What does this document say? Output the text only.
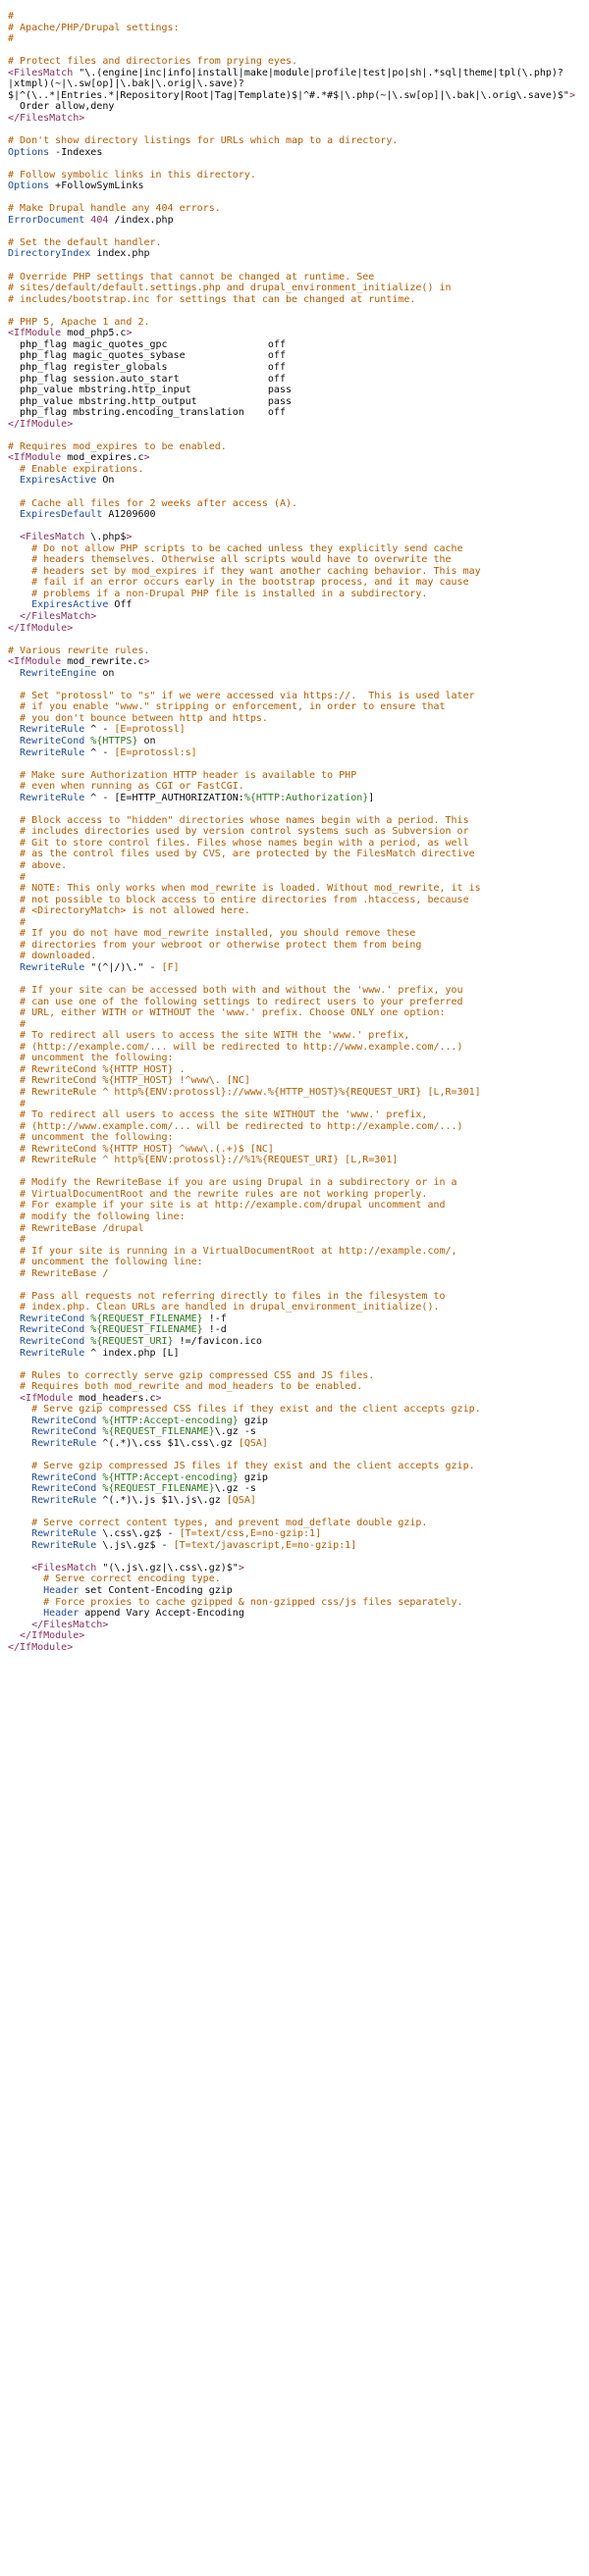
#
# Apache/PHP/Drupal settings:
#
# Protect files and directories from prying eyes.
<FilesMatch "\.(engine|inc|info|install|make|module|profile|test|po|sh|.*sql|theme|tpl(\.php)?
|xtmpl)(~|\.sw[op]|\.bak|\.orig|\.save)?
$|^(\..*|Entries.*|Repository|Root|Tag|Template)$|^#.*#$|\.php(~|\.sw[op]|\.bak|\.orig\.save)$">
Order allow,deny
</FilesMatch>
# Don't show directory listings for URLs which map to a directory.
Options -Indexes
# Follow symbolic links in this directory.
Options +FollowSymLinks
# Make Drupal handle any 404 errors.
ErrorDocument 404 /index.php
# Set the default handler.
DirectoryIndex index.php
# Override PHP settings that cannot be changed at runtime. See
# sites/default/default.settings.php and drupal_environment_initialize() in
# includes/bootstrap.inc for settings that can be changed at runtime.
# PHP 5, Apache 1 and 2.
<IfModule mod_php5.c>
php_flag magic_quotes_gpc                 off
php_flag magic_quotes_sybase              off
php_flag register_globals                 off
php_flag session.auto_start               off
php_value mbstring.http_input             pass
php_value mbstring.http_output            pass
php_flag mbstring.encoding_translation    off
</IfModule>
# Requires mod_expires to be enabled.
<IfModule mod_expires.c>
# Enable expirations.
ExpiresActive On
# Cache all files for 2 weeks after access (A).
ExpiresDefault A1209600
<FilesMatch \.php$>
# Do not allow PHP scripts to be cached unless they explicitly send cache
# headers themselves. Otherwise all scripts would have to overwrite the
# headers set by mod_expires if they want another caching behavior. This may
# fail if an error occurs early in the bootstrap process, and it may cause
# problems if a non-Drupal PHP file is installed in a subdirectory.
ExpiresActive Off
</FilesMatch>
</IfModule>
# Various rewrite rules.
<IfModule mod_rewrite.c>
RewriteEngine on
# Set "protossl" to "s" if we were accessed via https://.  This is used later
# if you enable "www." stripping or enforcement, in order to ensure that
# you don't bounce between http and https.
RewriteRule ^ - [E=protossl]
RewriteCond %{HTTPS} on
RewriteRule ^ - [E=protossl:s]
# Make sure Authorization HTTP header is available to PHP
# even when running as CGI or FastCGI.
RewriteRule ^ - [E=HTTP_AUTHORIZATION:%{HTTP:Authorization}]
# Block access to "hidden" directories whose names begin with a period. This
# includes directories used by version control systems such as Subversion or
# Git to store control files. Files whose names begin with a period, as well
# as the control files used by CVS, are protected by the FilesMatch directive
# above.
#
# NOTE: This only works when mod_rewrite is loaded. Without mod_rewrite, it is
# not possible to block access to entire directories from .htaccess, because
# <DirectoryMatch> is not allowed here.
#
# If you do not have mod_rewrite installed, you should remove these
# directories from your webroot or otherwise protect them from being
# downloaded.
RewriteRule "(^|/)\." - [F]
# If your site can be accessed both with and without the 'www.' prefix, you
# can use one of the following settings to redirect users to your preferred
# URL, either WITH or WITHOUT the 'www.' prefix. Choose ONLY one option:
#
# To redirect all users to access the site WITH the 'www.' prefix,
# (http://example.com/... will be redirected to http://www.example.com/...)
# uncomment the following:
# RewriteCond %{HTTP_HOST} .
# RewriteCond %{HTTP_HOST} !^www\. [NC]
# RewriteRule ^ http%{ENV:protossl}://www.%{HTTP_HOST}%{REQUEST_URI} [L,R=301]
#
# To redirect all users to access the site WITHOUT the 'www.' prefix,
# (http://www.example.com/... will be redirected to http://example.com/...)
# uncomment the following:
# RewriteCond %{HTTP_HOST} ^www\.(.+)$ [NC]
# RewriteRule ^ http%{ENV:protossl}://%1%{REQUEST_URI} [L,R=301]
# Modify the RewriteBase if you are using Drupal in a subdirectory or in a
# VirtualDocumentRoot and the rewrite rules are not working properly.
# For example if your site is at http://example.com/drupal uncomment and
# modify the following line:
# RewriteBase /drupal
#
# If your site is running in a VirtualDocumentRoot at http://example.com/,
# uncomment the following line:
# RewriteBase /
# Pass all requests not referring directly to files in the filesystem to
# index.php. Clean URLs are handled in drupal_environment_initialize().
RewriteCond %{REQUEST_FILENAME} !-f
RewriteCond %{REQUEST_FILENAME} !-d
RewriteCond %{REQUEST_URI} !=/favicon.ico
RewriteRule ^ index.php [L]
# Rules to correctly serve gzip compressed CSS and JS files.
# Requires both mod_rewrite and mod_headers to be enabled.
<IfModule mod_headers.c>
# Serve gzip compressed CSS files if they exist and the client accepts gzip.
RewriteCond %{HTTP:Accept-encoding} gzip
RewriteCond %{REQUEST_FILENAME}\.gz -s
RewriteRule ^(.*)\.css $1\.css\.gz [QSA]
# Serve gzip compressed JS files if they exist and the client accepts gzip.
RewriteCond %{HTTP:Accept-encoding} gzip
RewriteCond %{REQUEST_FILENAME}\.gz -s
RewriteRule ^(.*)\.js $1\.js\.gz [QSA]
# Serve correct content types, and prevent mod_deflate double gzip.
RewriteRule \.css\.gz$ - [T=text/css,E=no-gzip:1]
RewriteRule \.js\.gz$ - [T=text/javascript,E=no-gzip:1]
<FilesMatch "(\.js\.gz|\.css\.gz)$">
# Serve correct encoding type.
Header set Content-Encoding gzip
# Force proxies to cache gzipped & non-gzipped css/js files separately.
Header append Vary Accept-Encoding
</FilesMatch>
</IfModule>
</IfModule>
